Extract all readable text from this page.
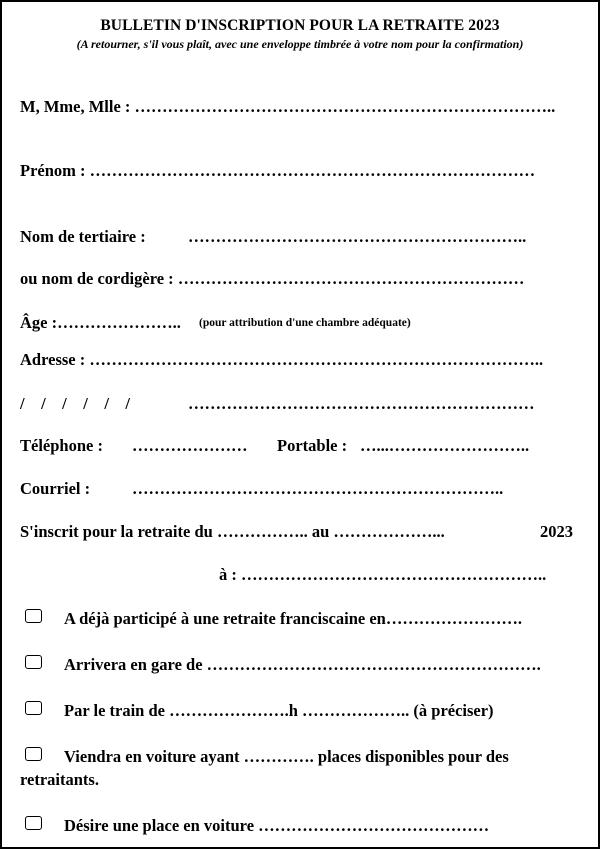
BULLETIN D'INSCRIPTION POUR LA RETRAITE 2023
(A retourner, s'il vous plaît, avec une enveloppe timbrée à votre nom pour la confirmation)
M, Mme, Mlle : …………………………………………………………………..
Prénom : ………………………………………………………………………
Nom de tertiaire :	……………………………………………………..
ou nom de cordigère : ………………………………………………………
Âge :………………….. (pour attribution d'une chambre adéquate)
Adresse : ………………………………………………………………………..
/    /    /    /    /    /	………………………………………………………
Téléphone : ………………… Portable : …...……………………..
Courriel :	…………………………………………………………..
S'inscrit pour la retraite du …………….. au ………………...	2023
à : ………………………………………………..
A déjà participé à une retraite franciscaine en…………………….
Arrivera en gare de …………………………………………………….
Par le train de ………………….h ……………….. (à préciser)
Viendra en voiture ayant …………. places disponibles pour des
retraitants.
Désire une place en voiture ……………………………………
